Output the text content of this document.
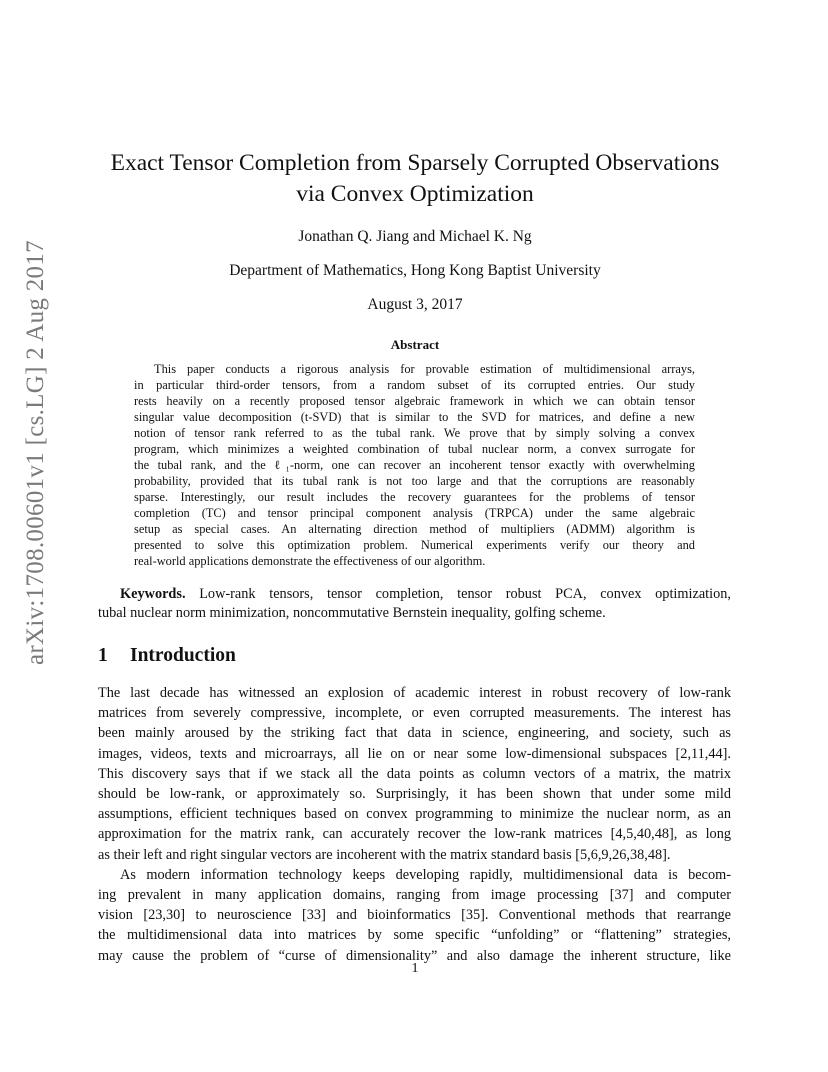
arXiv:1708.00601v1 [cs.LG] 2 Aug 2017
Exact Tensor Completion from Sparsely Corrupted Observations
via Convex Optimization
Jonathan Q. Jiang and Michael K. Ng
Department of Mathematics, Hong Kong Baptist University
August 3, 2017
Abstract
This paper conducts a rigorous analysis for provable estimation of multidimensional arrays,
in particular third-order tensors, from a random subset of its corrupted entries. Our study
rests heavily on a recently proposed tensor algebraic framework in which we can obtain tensor
singular value decomposition (t-SVD) that is similar to the SVD for matrices, and define a new
notion of tensor rank referred to as the tubal rank. We prove that by simply solving a convex
program, which minimizes a weighted combination of tubal nuclear norm, a convex surrogate for
the tubal rank, and the ℓ₁-norm, one can recover an incoherent tensor exactly with overwhelming
probability, provided that its tubal rank is not too large and that the corruptions are reasonably
sparse. Interestingly, our result includes the recovery guarantees for the problems of tensor
completion (TC) and tensor principal component analysis (TRPCA) under the same algebraic
setup as special cases. An alternating direction method of multipliers (ADMM) algorithm is
presented to solve this optimization problem. Numerical experiments verify our theory and
real-world applications demonstrate the effectiveness of our algorithm.
Keywords. Low-rank tensors, tensor completion, tensor robust PCA, convex optimization,
tubal nuclear norm minimization, noncommutative Bernstein inequality, golfing scheme.
1 Introduction
The last decade has witnessed an explosion of academic interest in robust recovery of low-rank
matrices from severely compressive, incomplete, or even corrupted measurements. The interest has
been mainly aroused by the striking fact that data in science, engineering, and society, such as
images, videos, texts and microarrays, all lie on or near some low-dimensional subspaces [2,11,44].
This discovery says that if we stack all the data points as column vectors of a matrix, the matrix
should be low-rank, or approximately so. Surprisingly, it has been shown that under some mild
assumptions, efficient techniques based on convex programming to minimize the nuclear norm, as an
approximation for the matrix rank, can accurately recover the low-rank matrices [4,5,40,48], as long
as their left and right singular vectors are incoherent with the matrix standard basis [5,6,9,26,38,48].
As modern information technology keeps developing rapidly, multidimensional data is becom-
ing prevalent in many application domains, ranging from image processing [37] and computer
vision [23,30] to neuroscience [33] and bioinformatics [35]. Conventional methods that rearrange
the multidimensional data into matrices by some specific “unfolding” or “flattening” strategies,
may cause the problem of “curse of dimensionality” and also damage the inherent structure, like
1
